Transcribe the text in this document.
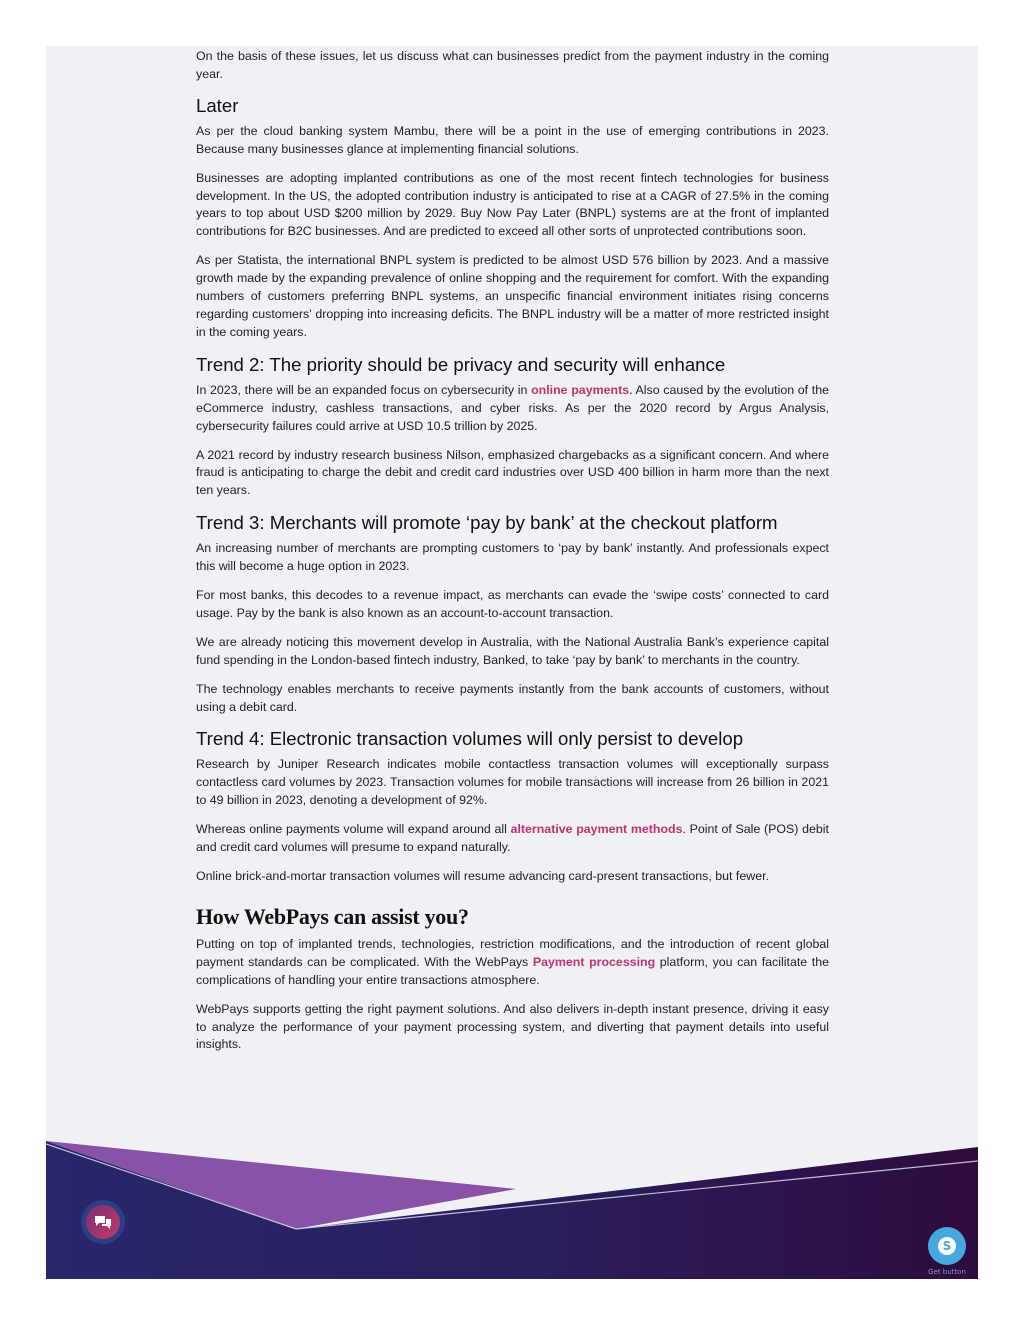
On the basis of these issues, let us discuss what can businesses predict from the payment industry in the coming year.

Later

As per the cloud banking system Mambu, there will be a point in the use of emerging contributions in 2023. Because many businesses glance at implementing financial solutions.

Businesses are adopting implanted contributions as one of the most recent fintech technologies for business development. In the US, the adopted contribution industry is anticipated to rise at a CAGR of 27.5% in the coming years to top about USD $200 million by 2029. Buy Now Pay Later (BNPL) systems are at the front of implanted contributions for B2C businesses. And are predicted to exceed all other sorts of unprotected contributions soon.

As per Statista, the international BNPL system is predicted to be almost USD 576 billion by 2023. And a massive growth made by the expanding prevalence of online shopping and the requirement for comfort. With the expanding numbers of customers preferring BNPL systems, an unspecific financial environment initiates rising concerns regarding customers' dropping into increasing deficits. The BNPL industry will be a matter of more restricted insight in the coming years.

Trend 2: The priority should be privacy and security will enhance

In 2023, there will be an expanded focus on cybersecurity in online payments. Also caused by the evolution of the eCommerce industry, cashless transactions, and cyber risks. As per the 2020 record by Argus Analysis, cybersecurity failures could arrive at USD 10.5 trillion by 2025.

A 2021 record by industry research business Nilson, emphasized chargebacks as a significant concern. And where fraud is anticipating to charge the debit and credit card industries over USD 400 billion in harm more than the next ten years.

Trend 3: Merchants will promote ‘pay by bank’ at the checkout platform

An increasing number of merchants are prompting customers to ‘pay by bank’ instantly. And professionals expect this will become a huge option in 2023.

For most banks, this decodes to a revenue impact, as merchants can evade the ‘swipe costs’ connected to card usage. Pay by the bank is also known as an account-to-account transaction.

We are already noticing this movement develop in Australia, with the National Australia Bank’s experience capital fund spending in the London-based fintech industry, Banked, to take ‘pay by bank’ to merchants in the country.

The technology enables merchants to receive payments instantly from the bank accounts of customers, without using a debit card.

Trend 4: Electronic transaction volumes will only persist to develop

Research by Juniper Research indicates mobile contactless transaction volumes will exceptionally surpass contactless card volumes by 2023. Transaction volumes for mobile transactions will increase from 26 billion in 2021 to 49 billion in 2023, denoting a development of 92%.

Whereas online payments volume will expand around all alternative payment methods. Point of Sale (POS) debit and credit card volumes will presume to expand naturally.

Online brick-and-mortar transaction volumes will resume advancing card-present transactions, but fewer.

How WebPays can assist you?

Putting on top of implanted trends, technologies, restriction modifications, and the introduction of recent global payment standards can be complicated. With the WebPays Payment processing platform, you can facilitate the complications of handling your entire transactions atmosphere.

WebPays supports getting the right payment solutions. And also delivers in-depth instant presence, driving it easy to analyze the performance of your payment processing system, and diverting that payment details into useful insights.

S
Get button
